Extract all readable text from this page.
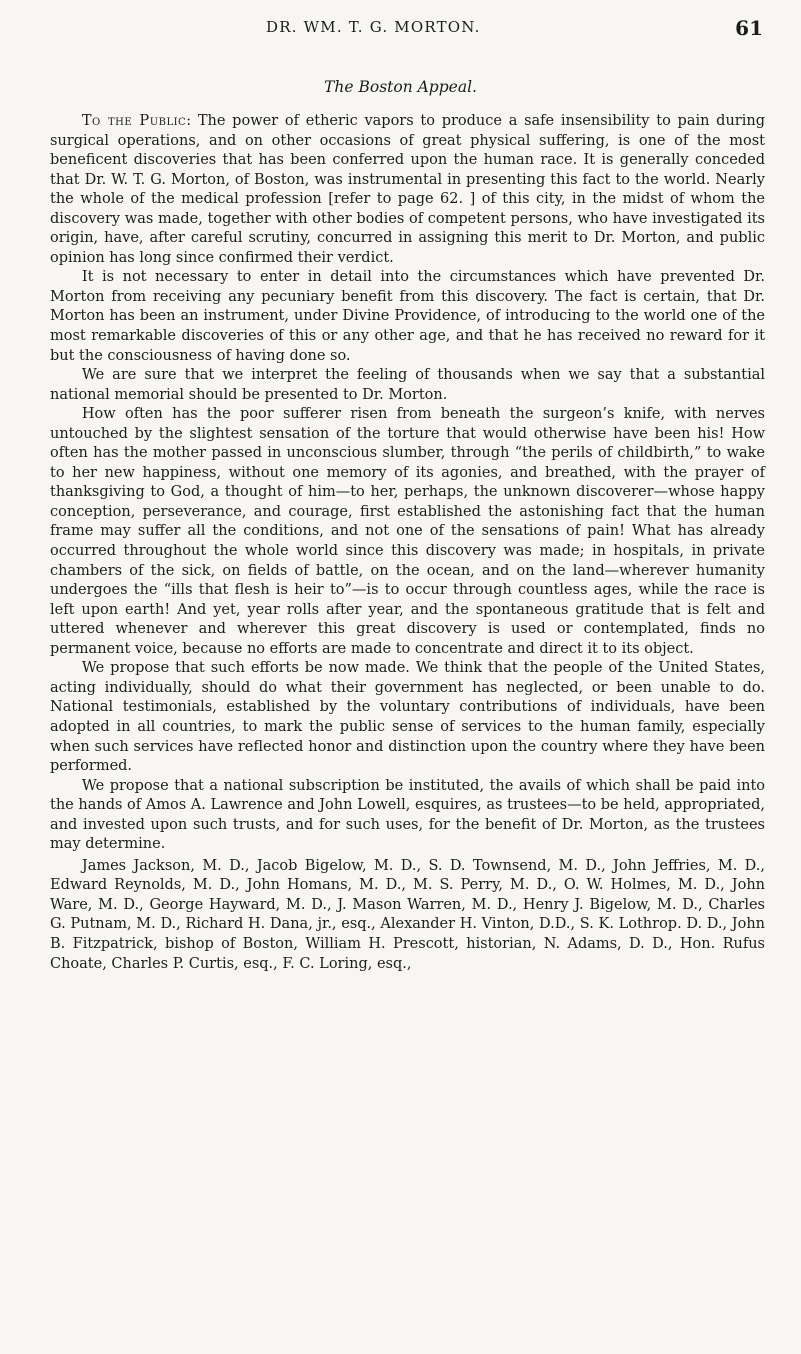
DR. WM. T. G. MORTON.	61
The Boston Appeal.

To the Public: The power of etheric vapors to produce a safe insensibility to pain during surgical operations, and on other occasions of great physical suffering, is one of the most beneficent discoveries that has been conferred upon the human race. It is generally conceded that Dr. W. T. G. Morton, of Boston, was instrumental in presenting this fact to the world. Nearly the whole of the medical profession [refer to page 62. ] of this city, in the midst of whom the discovery was made, together with other bodies of competent persons, who have investigated its origin, have, after careful scrutiny, concurred in assigning this merit to Dr. Morton, and public opinion has long since confirmed their verdict.

It is not necessary to enter in detail into the circumstances which have prevented Dr. Morton from receiving any pecuniary benefit from this discovery. The fact is certain, that Dr. Morton has been an instrument, under Divine Providence, of introducing to the world one of the most remarkable discoveries of this or any other age, and that he has received no reward for it but the consciousness of having done so.

We are sure that we interpret the feeling of thousands when we say that a substantial national memorial should be presented to Dr. Morton.

How often has the poor sufferer risen from beneath the surgeon’s knife, with nerves untouched by the slightest sensation of the torture that would otherwise have been his! How often has the mother passed in unconscious slumber, through “the perils of childbirth,” to wake to her new happiness, without one memory of its agonies, and breathed, with the prayer of thanksgiving to God, a thought of him—to her, perhaps, the unknown discoverer—whose happy conception, perseverance, and courage, first established the astonishing fact that the human frame may suffer all the conditions, and not one of the sensations of pain! What has already occurred throughout the whole world since this discovery was made; in hospitals, in private chambers of the sick, on fields of battle, on the ocean, and on the land—wherever humanity undergoes the “ills that flesh is heir to”—is to occur through countless ages, while the race is left upon earth! And yet, year rolls after year, and the spontaneous gratitude that is felt and uttered whenever and wherever this great discovery is used or contemplated, finds no permanent voice, because no efforts are made to concentrate and direct it to its object.

We propose that such efforts be now made. We think that the people of the United States, acting individually, should do what their government has neglected, or been unable to do. National testimonials, established by the voluntary contributions of individuals, have been adopted in all countries, to mark the public sense of services to the human family, especially when such services have reflected honor and distinction upon the country where they have been performed.

We propose that a national subscription be instituted, the avails of which shall be paid into the hands of Amos A. Lawrence and John Lowell, esquires, as trustees—to be held, appropriated, and invested upon such trusts, and for such uses, for the benefit of Dr. Morton, as the trustees may determine.

James Jackson, M. D., Jacob Bigelow, M. D., S. D. Townsend, M. D., John Jeffries, M. D., Edward Reynolds, M. D., John Homans, M. D., M. S. Perry, M. D., O. W. Holmes, M. D., John Ware, M. D., George Hayward, M. D., J. Mason Warren, M. D., Henry J. Bigelow, M. D., Charles G. Putnam, M. D., Richard H. Dana, jr., esq., Alexander H. Vinton, D.D., S. K. Lothrop. D. D., John B. Fitzpatrick, bishop of Boston, William H. Prescott, historian, N. Adams, D. D., Hon. Rufus Choate, Charles P. Curtis, esq., F. C. Loring, esq.,
